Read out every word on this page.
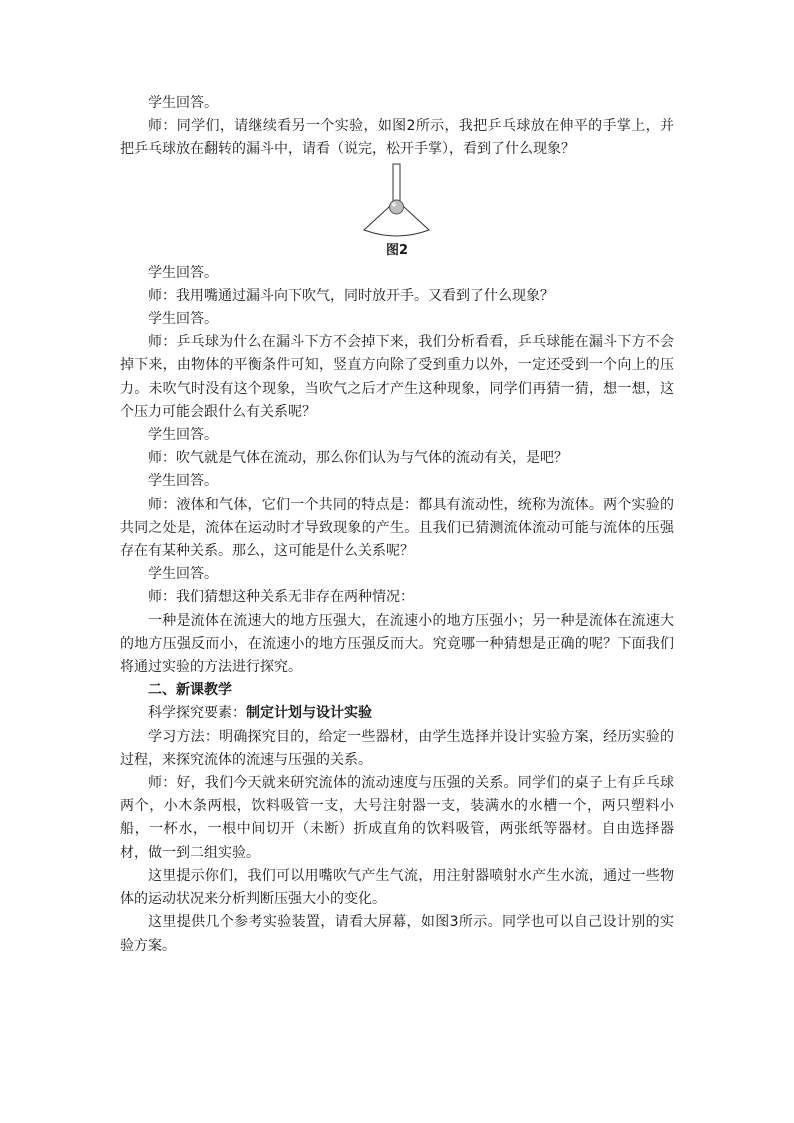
学生回答。

师：同学们，请继续看另一个实验，如图2所示，我把乒乓球放在伸平的手掌上，并把乒乓球放在翻转的漏斗中，请看（说完，松开手掌），看到了什么现象？

图2

学生回答。

师：我用嘴通过漏斗向下吹气，同时放开手。又看到了什么现象？

学生回答。

师：乒乓球为什么在漏斗下方不会掉下来，我们分析看看，乒乓球能在漏斗下方不会掉下来，由物体的平衡条件可知，竖直方向除了受到重力以外，一定还受到一个向上的压力。未吹气时没有这个现象，当吹气之后才产生这种现象，同学们再猜一猜，想一想，这个压力可能会跟什么有关系呢？

学生回答。

师：吹气就是气体在流动，那么你们认为与气体的流动有关，是吧？

学生回答。

师：液体和气体，它们一个共同的特点是：都具有流动性，统称为流体。两个实验的共同之处是，流体在运动时才导致现象的产生。且我们已猜测流体流动可能与流体的压强存在有某种关系。那么，这可能是什么关系呢？

学生回答。

师：我们猜想这种关系无非存在两种情况：

一种是流体在流速大的地方压强大，在流速小的地方压强小；另一种是流体在流速大的地方压强反而小，在流速小的地方压强反而大。究竟哪一种猜想是正确的呢？下面我们将通过实验的方法进行探究。

二、新课教学

科学探究要素：制定计划与设计实验

学习方法：明确探究目的，给定一些器材，由学生选择并设计实验方案，经历实验的过程，来探究流体的流速与压强的关系。

师：好，我们今天就来研究流体的流动速度与压强的关系。同学们的桌子上有乒乓球两个，小木条两根，饮料吸管一支，大号注射器一支，装满水的水槽一个，两只塑料小船，一杯水，一根中间切开（未断）折成直角的饮料吸管，两张纸等器材。自由选择器材，做一到二组实验。

这里提示你们，我们可以用嘴吹气产生气流，用注射器喷射水产生水流，通过一些物体的运动状况来分析判断压强大小的变化。

这里提供几个参考实验装置，请看大屏幕，如图3所示。同学也可以自己设计别的实验方案。
